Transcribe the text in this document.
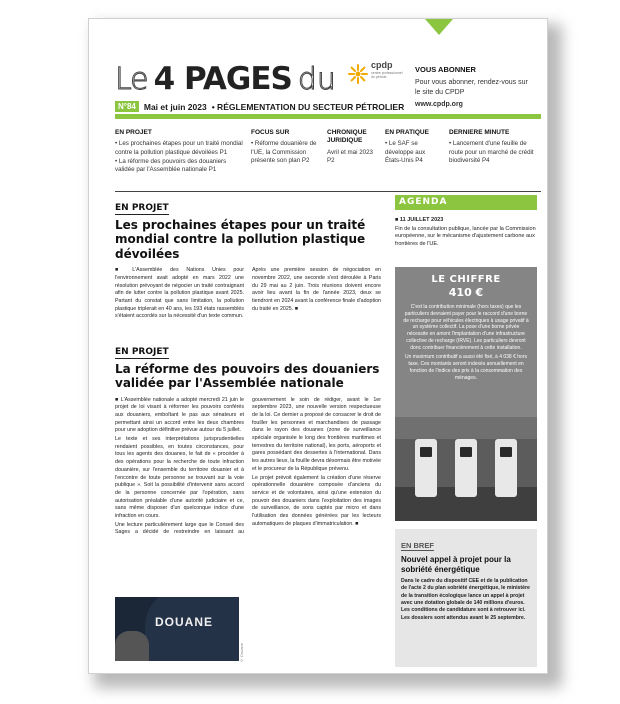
Le 4 PAGES du	cpdp
centre professionnel du pétrole
N°84 Mai et juin 2023 • RÉGLEMENTATION DU SECTEUR PÉTROLIER
VOUS ABONNER
Pour vous abonner, rendez-vous sur le site du CPDP
www.cpdp.org
EN PROJET
• Les prochaines étapes pour un traité mondial contre la pollution plastique dévoilées P1
• La réforme des pouvoirs des douaniers validée par l'Assemblée nationale P1
FOCUS SUR
• Réforme douanière de l'UE, la Commission présente son plan P2
CHRONIQUE JURIDIQUE
Avril et mai 2023 P2
EN PRATIQUE
• Le SAF se développe aux États-Unis P4
DERNIERE MINUTE
• Lancement d'une feuille de route pour un marché de crédit biodiversité P4
EN PROJET
Les prochaines étapes pour un traité mondial contre la pollution plastique dévoilées

■ L'Assemblée des Nations Unies pour l'environnement avait adopté en mars 2022 une résolution prévoyant de négocier un traité contraignant afin de lutter contre la pollution plastique avant 2025. Partant du constat que sans limitation, la pollution plastique triplerait en 40 ans, les 193 états rassemblés s'étaient accordés sur la nécessité d'un texte commun.

Après une première session de négociation en novembre 2022, une seconde s'est déroulée à Paris du 29 mai au 2 juin. Trois réunions doivent encore avoir lieu avant la fin de l'année 2023, deux se tiendront en 2024 avant la conférence finale d'adoption du traité en 2025. ■

EN PROJET
La réforme des pouvoirs des douaniers validée par l'Assemblée nationale

■ L'Assemblée nationale a adopté mercredi 21 juin le projet de loi visant à réformer les pouvoirs conférés aux douaniers, emboîtant le pas aux sénateurs et permettant ainsi un accord entre les deux chambres pour une adoption définitive prévue autour du 5 juillet.

Le texte et ses interprétations jurisprudentielles rendaient possibles, en toutes circonstances, pour tous les agents des douanes, le fait de « procéder à des opérations pour la recherche de toute infraction douanière, sur l'ensemble du territoire douanier et à l'encontre de toute personne se trouvant sur la voie publique ». Soit la possibilité d'intervenir sans accord de la personne concernée par l'opération, sans autorisation préalable d'une autorité judiciaire et ce, sans même disposer d'un quelconque indice d'une infraction en cours.

Une lecture particulièrement large que le Conseil des Sages a décidé de restreindre en laissant au gouvernement le soin de rédiger, avant le 1er septembre 2023, une nouvelle version respectueuse de la loi. Ce dernier a proposé de consacrer le droit de fouiller les personnes et marchandises de passage dans le rayon des douanes (zone de surveillance spéciale organisée le long des frontières maritimes et terrestres du territoire national), les ports, aéroports et gares possédant des dessertes à l'international. Dans les autres lieux, la fouille devra désormais être motivée et le procureur de la République prévenu.

Le projet prévoit également la création d'une réserve opérationnelle douanière composée d'anciens du service et de volontaires, ainsi qu'une extension du pouvoir des douaniers dans l'exploitation des images de surveillance, de sons captés par micro et dans l'utilisation des données générées par les lecteurs automatiques de plaques d'immatriculation. ■

DOUANE
© Douane
AGENDA
■ 11 JUILLET 2023
Fin de la consultation publique, lancée par la Commission européenne, sur le mécanisme d'ajustement carbone aux frontières de l'UE.
LE CHIFFRE
410 €

C'est la contribution minimale (hors taxes) que les particuliers devraient payer pour le raccord d'une borne de recharge pour véhicules électriques à usage privatif à un système collectif. La pose d'une borne privée nécessite en amont l'implantation d'une infrastructure collective de recharge (IRVE). Les particuliers devront donc contribuer financièrement à cette installation.

Un maximum contributif a aussi été fixé, à 4 038 € hors taxe. Ces montants seront indexés annuellement en fonction de l'indice des prix à la consommation des ménages.

EN BREF
Nouvel appel à projet pour la sobriété énergétique
Dans le cadre du dispositif CEE et de la publication de l'acte 2 du plan sobriété énergétique, le ministère de la transition écologique lance un appel à projet avec une dotation globale de 140 millions d'euros. Les conditions de candidature sont à retrouver ici. Les dossiers sont attendus avant le 25 septembre.
